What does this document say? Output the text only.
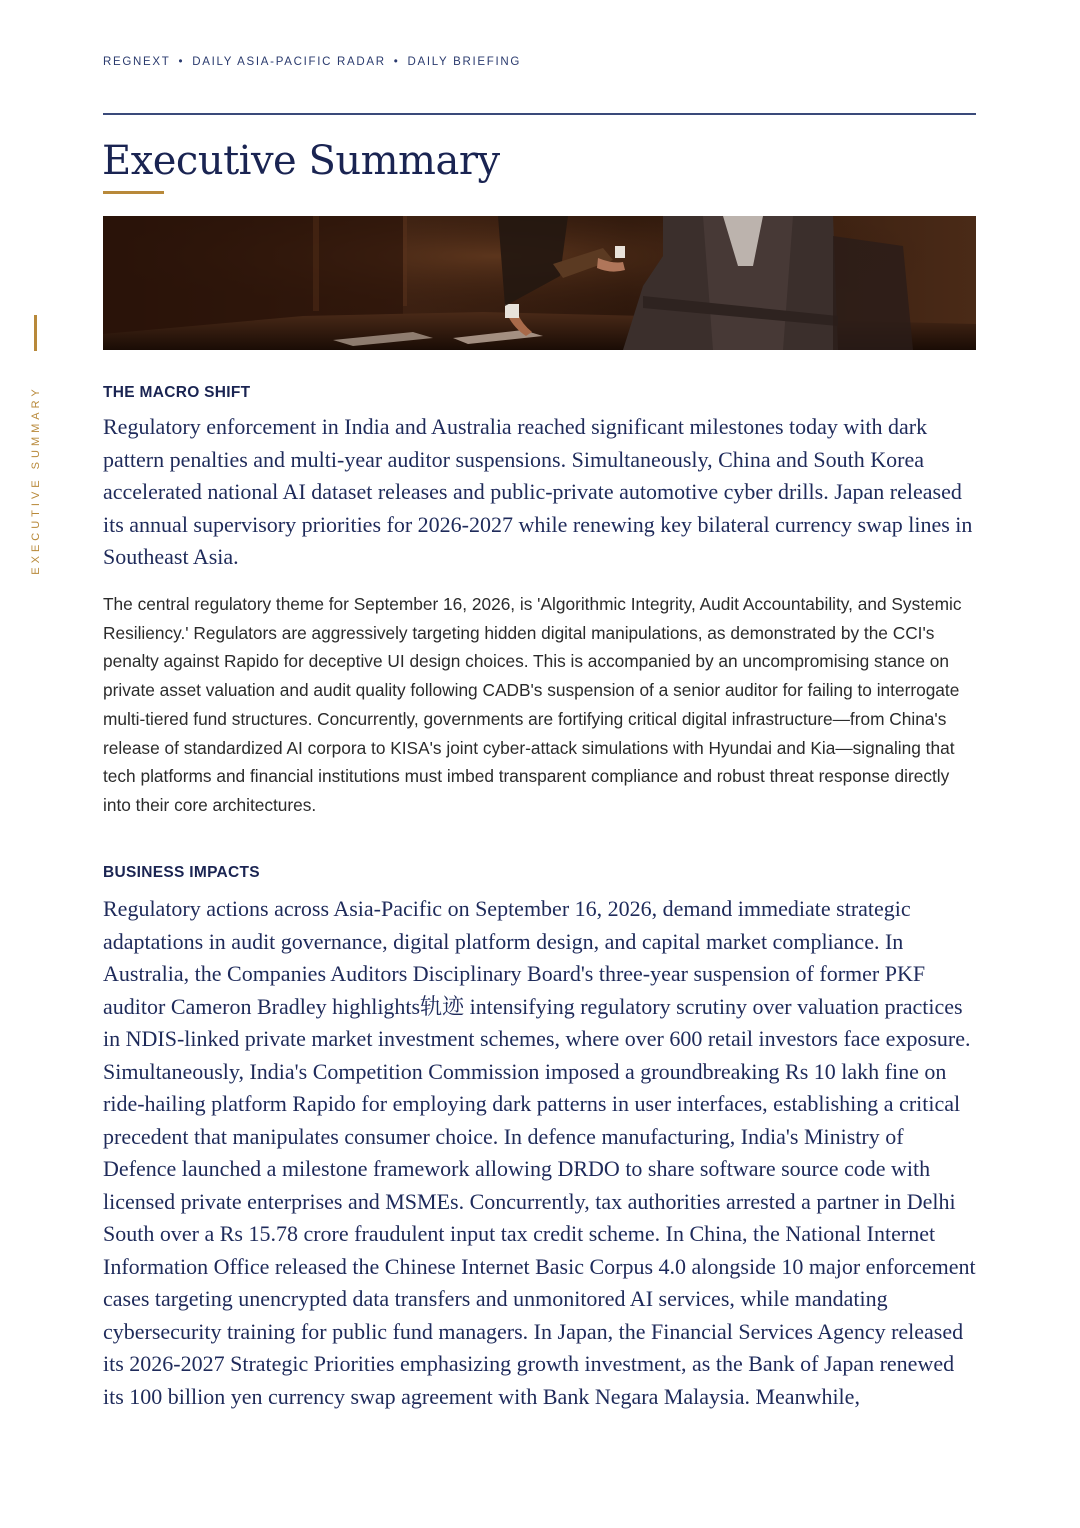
REGNEXT • DAILY ASIA-PACIFIC RADAR • DAILY BRIEFING
Executive Summary
EXECUTIVE SUMMARY	THE MACRO SHIFT

Regulatory enforcement in India and Australia reached significant milestones today with dark pattern penalties and multi-year auditor suspensions. Simultaneously, China and South Korea accelerated national AI dataset releases and public-private automotive cyber drills. Japan released its annual supervisory priorities for 2026-2027 while renewing key bilateral currency swap lines in Southeast Asia.

The central regulatory theme for September 16, 2026, is 'Algorithmic Integrity, Audit Accountability, and Systemic Resiliency.' Regulators are aggressively targeting hidden digital manipulations, as demonstrated by the CCI's penalty against Rapido for deceptive UI design choices. This is accompanied by an uncompromising stance on private asset valuation and audit quality following CADB's suspension of a senior auditor for failing to interrogate multi-tiered fund structures. Concurrently, governments are fortifying critical digital infrastructure—from China's release of standardized AI corpora to KISA's joint cyber-attack simulations with Hyundai and Kia—signaling that tech platforms and financial institutions must imbed transparent compliance and robust threat response directly into their core architectures.

BUSINESS IMPACTS

Regulatory actions across Asia-Pacific on September 16, 2026, demand immediate strategic adaptations in audit governance, digital platform design, and capital market compliance. In Australia, the Companies Auditors Disciplinary Board's three-year suspension of former PKF auditor Cameron Bradley highlights轨迹 intensifying regulatory scrutiny over valuation practices in NDIS-linked private market investment schemes, where over 600 retail investors face exposure. Simultaneously, India's Competition Commission imposed a groundbreaking Rs 10 lakh fine on ride-hailing platform Rapido for employing dark patterns in user interfaces, establishing a critical precedent that manipulates consumer choice. In defence manufacturing, India's Ministry of Defence launched a milestone framework allowing DRDO to share software source code with licensed private enterprises and MSMEs. Concurrently, tax authorities arrested a partner in Delhi South over a Rs 15.78 crore fraudulent input tax credit scheme. In China, the National Internet Information Office released the Chinese Internet Basic Corpus 4.0 alongside 10 major enforcement cases targeting unencrypted data transfers and unmonitored AI services, while mandating cybersecurity training for public fund managers. In Japan, the Financial Services Agency released its 2026-2027 Strategic Priorities emphasizing growth investment, as the Bank of Japan renewed its 100 billion yen currency swap agreement with Bank Negara Malaysia. Meanwhile,
